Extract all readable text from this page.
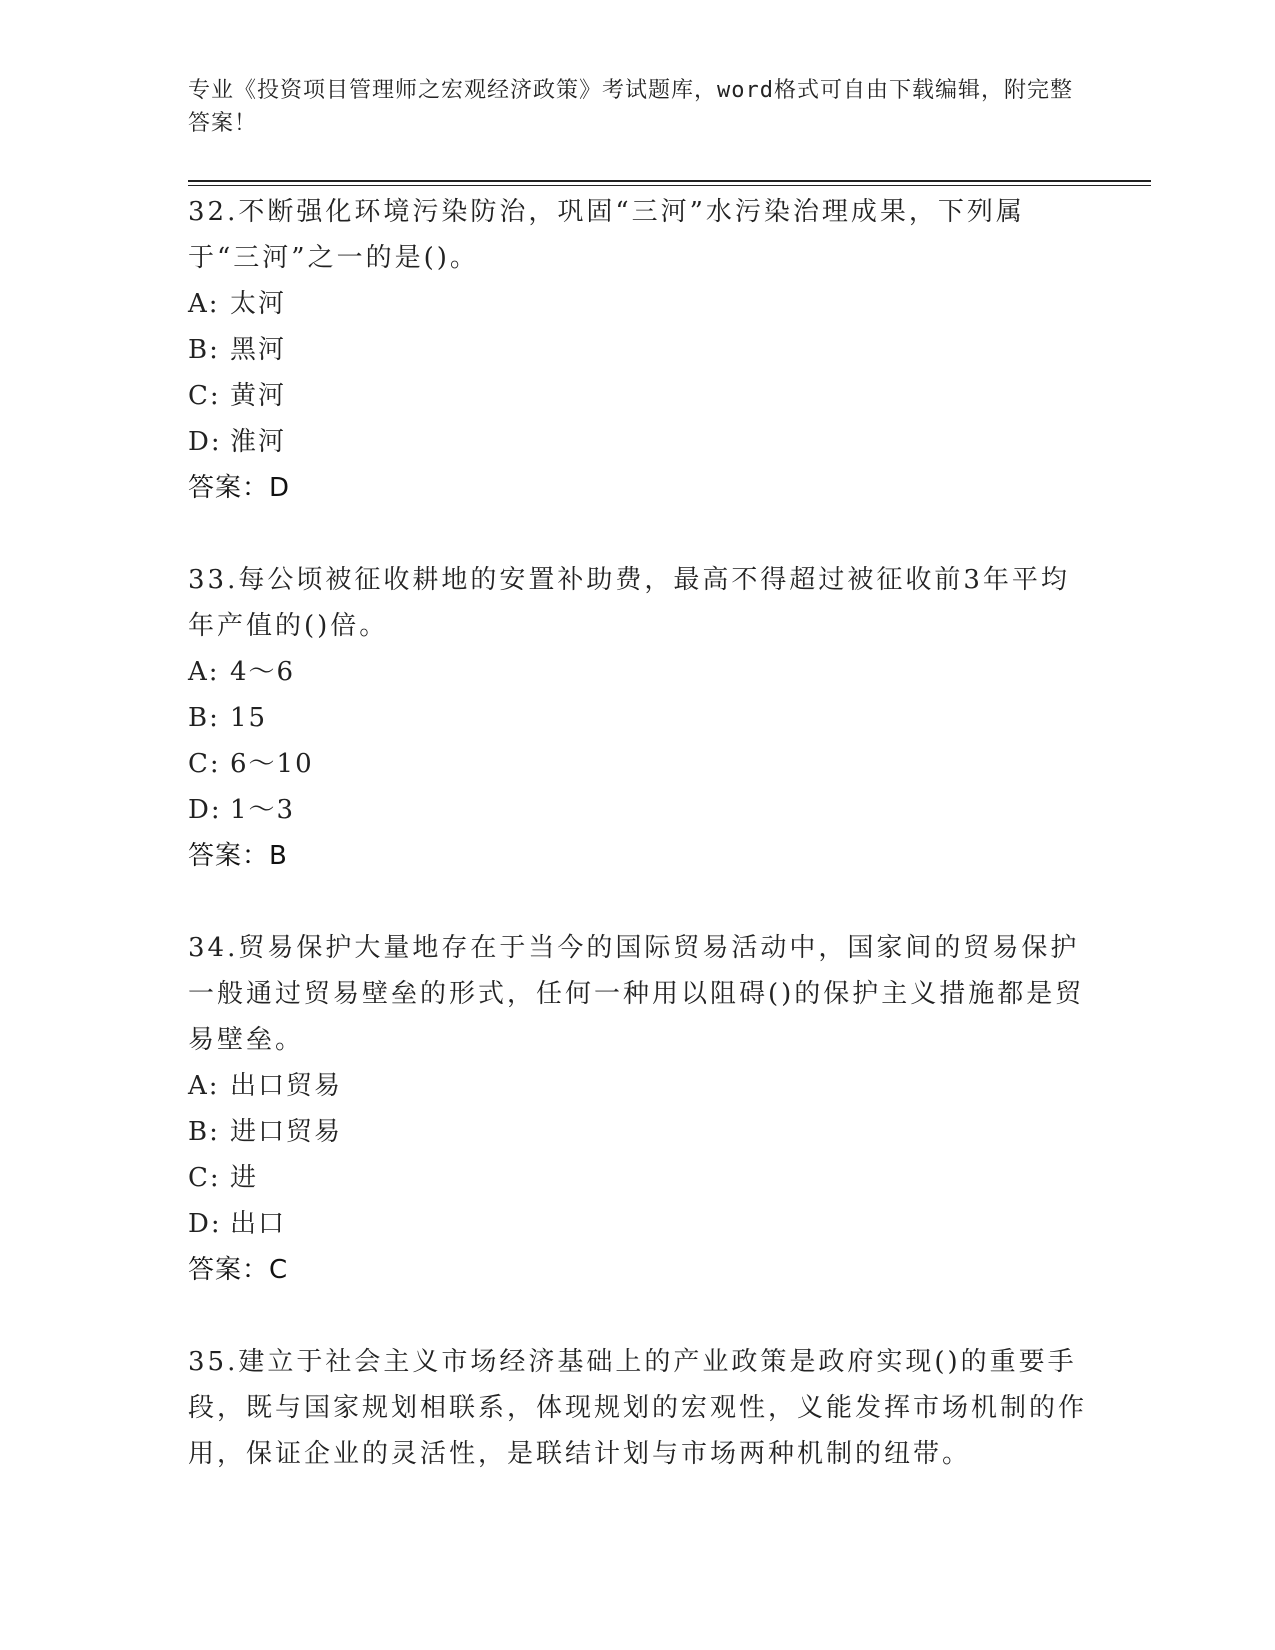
专业《投资项目管理师之宏观经济政策》考试题库，word格式可自由下载编辑，附完整答案！

32.不断强化环境污染防治，巩固“三河”水污染治理成果，下列属于“三河”之一的是()。

A: 太河

B: 黑河

C: 黄河

D: 淮河

答案：D

33.每公顷被征收耕地的安置补助费，最高不得超过被征收前3年平均年产值的()倍。

A: 4～6

B: 15

C: 6～10

D: 1～3

答案：B

34.贸易保护大量地存在于当今的国际贸易活动中，国家间的贸易保护一般通过贸易壁垒的形式，任何一种用以阻碍()的保护主义措施都是贸易壁垒。

A: 出口贸易

B: 进口贸易

C: 进

D: 出口

答案：C

35.建立于社会主义市场经济基础上的产业政策是政府实现()的重要手段，既与国家规划相联系，体现规划的宏观性，义能发挥市场机制的作用，保证企业的灵活性，是联结计划与市场两种机制的纽带。
